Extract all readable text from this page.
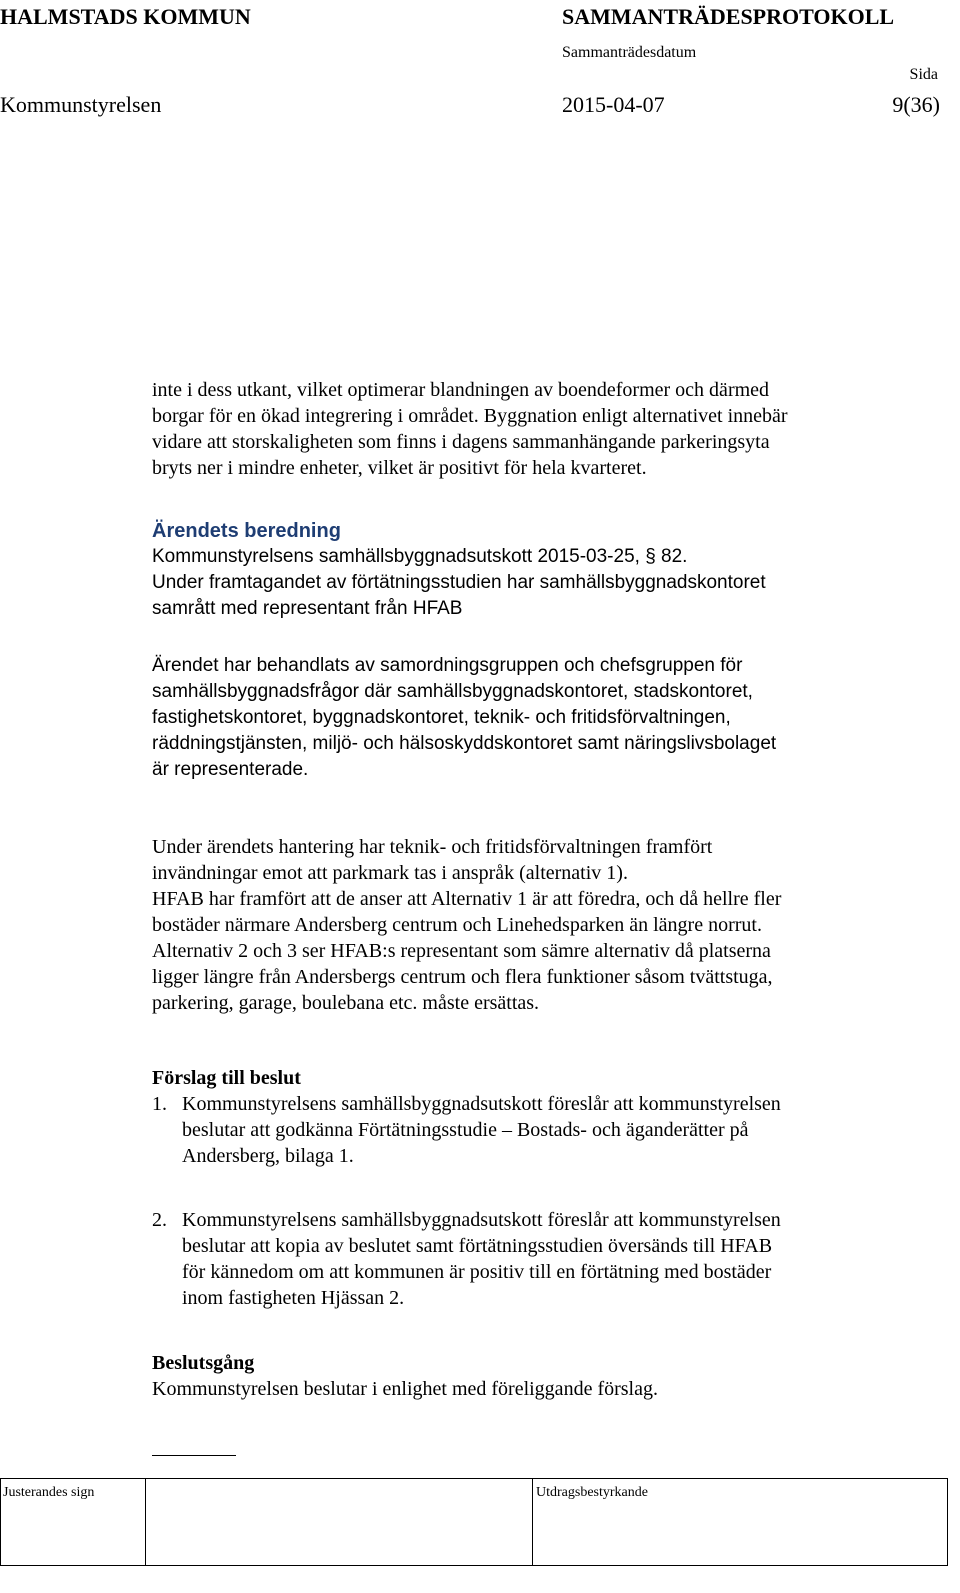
HALMSTADS KOMMUN	SAMMANTRÄDESPROTOKOLL
Sammanträdesdatum
Sida
Kommunstyrelsen	2015-04-07	9(36)
inte i dess utkant, vilket optimerar blandningen av boendeformer och därmed
borgar för en ökad integrering i området. Byggnation enligt alternativet innebär
vidare att storskaligheten som finns i dagens sammanhängande parkeringsyta
bryts ner i mindre enheter, vilket är positivt för hela kvarteret.
Ärendets beredning
Kommunstyrelsens samhällsbyggnadsutskott 2015-03-25, § 82.
Under framtagandet av förtätningsstudien har samhällsbyggnadskontoret
samrått med representant från HFAB
Ärendet har behandlats av samordningsgruppen och chefsgruppen för
samhällsbyggnadsfrågor där samhällsbyggnadskontoret, stadskontoret,
fastighetskontoret, byggnadskontoret, teknik- och fritidsförvaltningen,
räddningstjänsten, miljö- och hälsoskyddskontoret samt näringslivsbolaget
är representerade.
Under ärendets hantering har teknik- och fritidsförvaltningen framfört
invändningar emot att parkmark tas i anspråk (alternativ 1).
HFAB har framfört att de anser att Alternativ 1 är att föredra, och då hellre fler
bostäder närmare Andersberg centrum och Linehedsparken än längre norrut.
Alternativ 2 och 3 ser HFAB:s representant som sämre alternativ då platserna
ligger längre från Andersbergs centrum och flera funktioner såsom tvättstuga,
parkering, garage, boulebana etc. måste ersättas.
Förslag till beslut
1. Kommunstyrelsens samhällsbyggnadsutskott föreslår att kommunstyrelsen
beslutar att godkänna Förtätningsstudie – Bostads- och äganderätter på
Andersberg, bilaga 1.
2. Kommunstyrelsens samhällsbyggnadsutskott föreslår att kommunstyrelsen
beslutar att kopia av beslutet samt förtätningsstudien översänds till HFAB
för kännedom om att kommunen är positiv till en förtätning med bostäder
inom fastigheten Hjässan 2.
Beslutsgång
Kommunstyrelsen beslutar i enlighet med föreliggande förslag.
Justerandes sign	Utdragsbestyrkande
